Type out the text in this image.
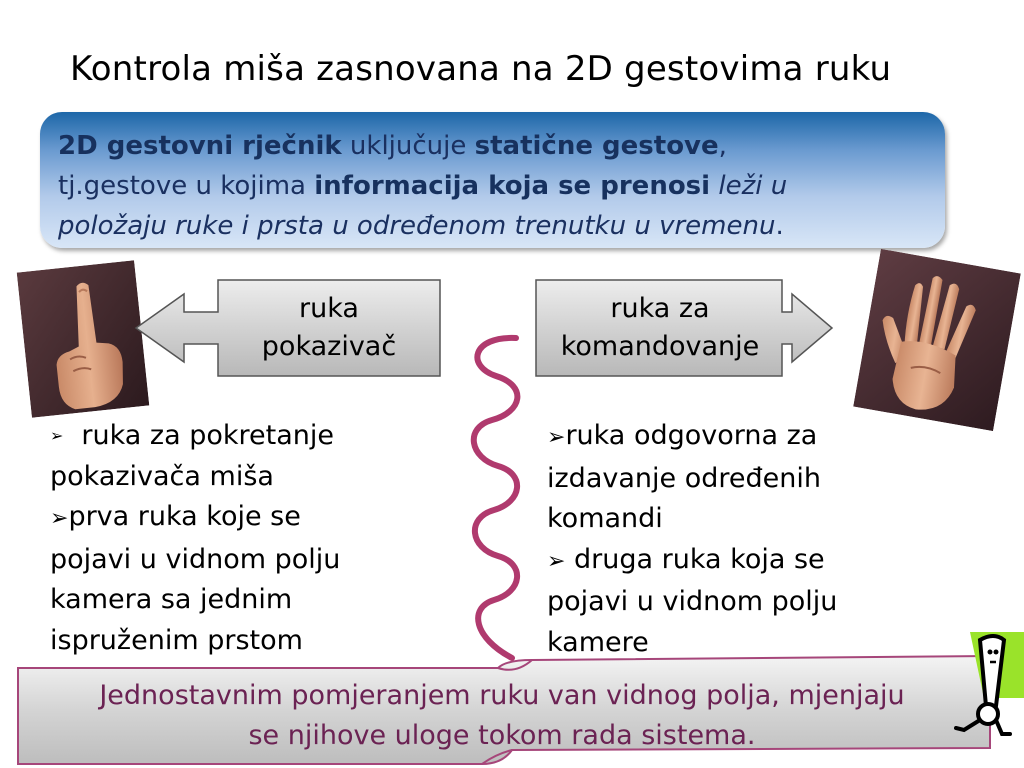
Kontrola miša zasnovana na 2D gestovima ruku
2D gestovni rječnik uključuje statične gestove,
tj.gestove u kojima informacija koja se prenosi leži u
položaju ruke i prsta u određenom trenutku u vremenu.
ruka
pokazivač
ruka za
komandovanje
➢ ruka za pokretanje
pokazivača miša
➢prva ruka koje se
pojavi u vidnom polju
kamera sa jednim
ispruženim prstom
➢ruka odgovorna za
izdavanje određenih
komandi
➢ druga ruka koja se
pojavi u vidnom polju
kamere
Jednostavnim pomjeranjem ruku van vidnog polja, mjenjaju
se njihove uloge tokom rada sistema.
